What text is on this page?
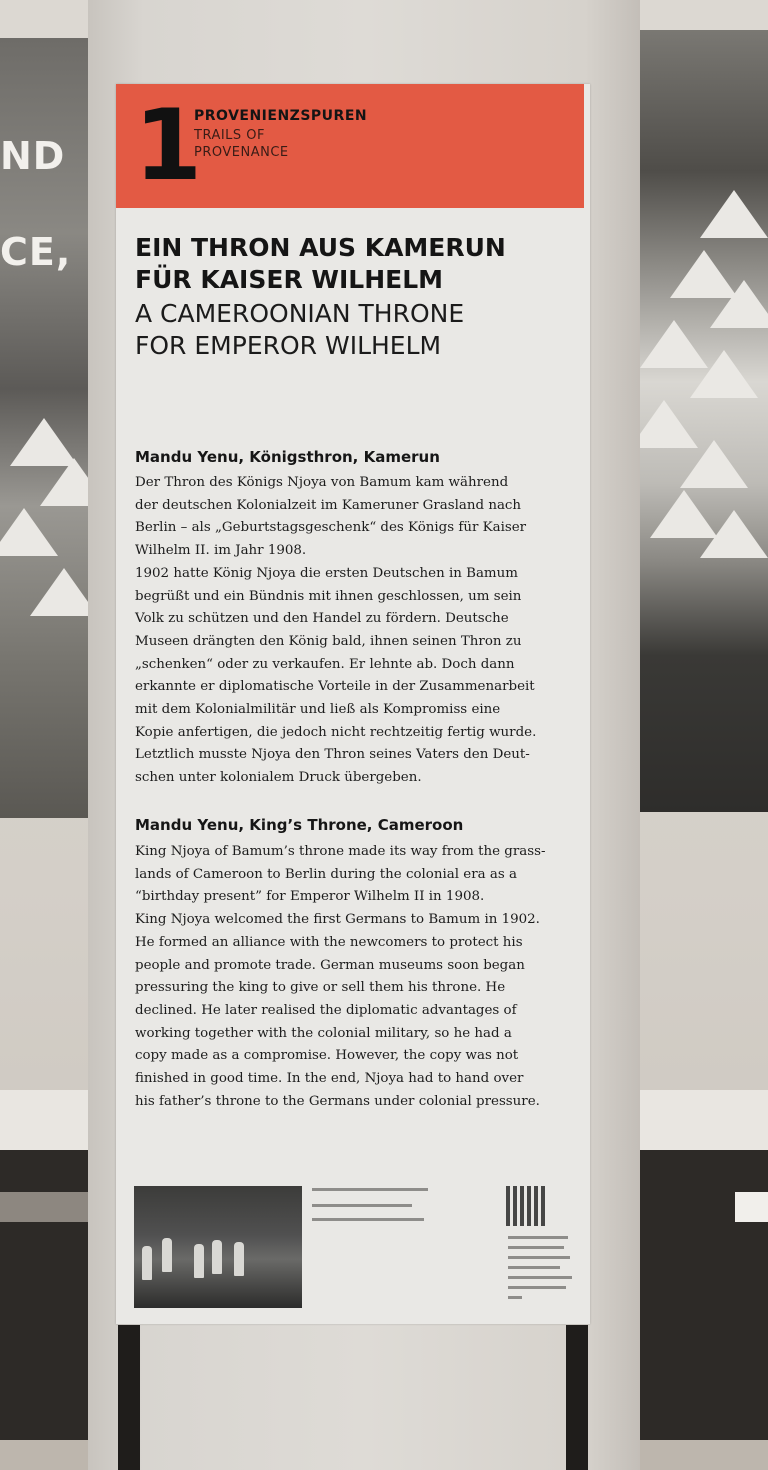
ND
CE,
1
PROVENIENZSPUREN
TRAILS OF PROVENANCE
EIN THRON AUS KAMERUN
FÜR KAISER WILHELM
A CAMEROONIAN THRONE
FOR EMPEROR WILHELM
Mandu Yenu, Königsthron, Kamerun
Der Thron des Königs Njoya von Bamum kam während
der deutschen Kolonialzeit im Kameruner Grasland nach
Berlin – als „Geburtstagsgeschenk“ des Königs für Kaiser
Wilhelm II. im Jahr 1908.
1902 hatte König Njoya die ersten Deutschen in Bamum
begrüßt und ein Bündnis mit ihnen geschlossen, um sein
Volk zu schützen und den Handel zu fördern. Deutsche
Museen drängten den König bald, ihnen seinen Thron zu
„schenken“ oder zu verkaufen. Er lehnte ab. Doch dann
erkannte er diplomatische Vorteile in der Zusammenarbeit
mit dem Kolonialmilitär und ließ als Kompromiss eine
Kopie anfertigen, die jedoch nicht rechtzeitig fertig wurde.
Letztlich musste Njoya den Thron seines Vaters den Deut-
schen unter kolonialem Druck übergeben.
Mandu Yenu, King’s Throne, Cameroon
King Njoya of Bamum’s throne made its way from the grass-
lands of Cameroon to Berlin during the colonial era as a
“birthday present” for Emperor Wilhelm II in 1908.
King Njoya welcomed the first Germans to Bamum in 1902.
He formed an alliance with the newcomers to protect his
people and promote trade. German museums soon began
pressuring the king to give or sell them his throne. He
declined. He later realised the diplomatic advantages of
working together with the colonial military, so he had a
copy made as a compromise. However, the copy was not
finished in good time. In the end, Njoya had to hand over
his father’s throne to the Germans under colonial pressure.
